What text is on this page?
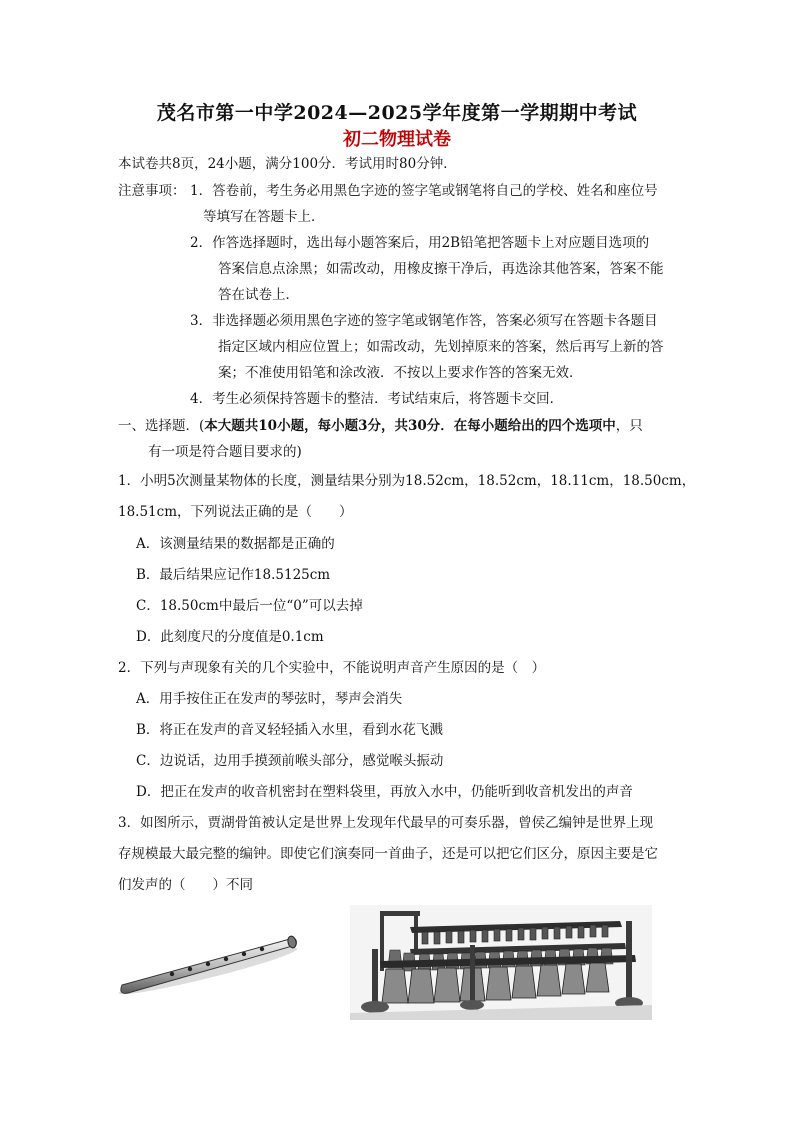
茂名市第一中学2024—2025学年度第一学期期中考试
初二物理试卷
本试卷共8页，24小题，满分100分．考试用时80分钟．
注意事项： 1．答卷前，考生务必用黑色字迹的签字笔或钢笔将自己的学校、姓名和座位号
等填写在答题卡上．
2．作答选择题时，选出每小题答案后，用2B铅笔把答题卡上对应题目选项的
答案信息点涂黑；如需改动，用橡皮擦干净后，再选涂其他答案，答案不能
答在试卷上．
3．非选择题必须用黑色字迹的签字笔或钢笔作答，答案必须写在答题卡各题目
指定区域内相应位置上；如需改动，先划掉原来的答案，然后再写上新的答
案；不准使用铅笔和涂改液．不按以上要求作答的答案无效．
4．考生必须保持答题卡的整洁．考试结束后，将答题卡交回．
一、选择题．(本大题共10小题，每小题3分，共30分．在每小题给出的四个选项中，只
有一项是符合题目要求的)
1．小明5次测量某物体的长度，测量结果分别为18.52cm，18.52cm，18.11cm，18.50cm，
18.51cm，下列说法正确的是（　　）
A．该测量结果的数据都是正确的
B．最后结果应记作18.5125cm
C．18.50cm中最后一位“0”可以去掉
D．此刻度尺的分度值是0.1cm
2．下列与声现象有关的几个实验中，不能说明声音产生原因的是（　）
A．用手按住正在发声的琴弦时，琴声会消失
B．将正在发声的音叉轻轻插入水里，看到水花飞溅
C．边说话，边用手摸颈前喉头部分，感觉喉头振动
D．把正在发声的收音机密封在塑料袋里，再放入水中，仍能听到收音机发出的声音
3．如图所示，贾湖骨笛被认定是世界上发现年代最早的可奏乐器，曾侯乙编钟是世界上现
存规模最大最完整的编钟。即使它们演奏同一首曲子，还是可以把它们区分，原因主要是它
们发声的（　　）不同
